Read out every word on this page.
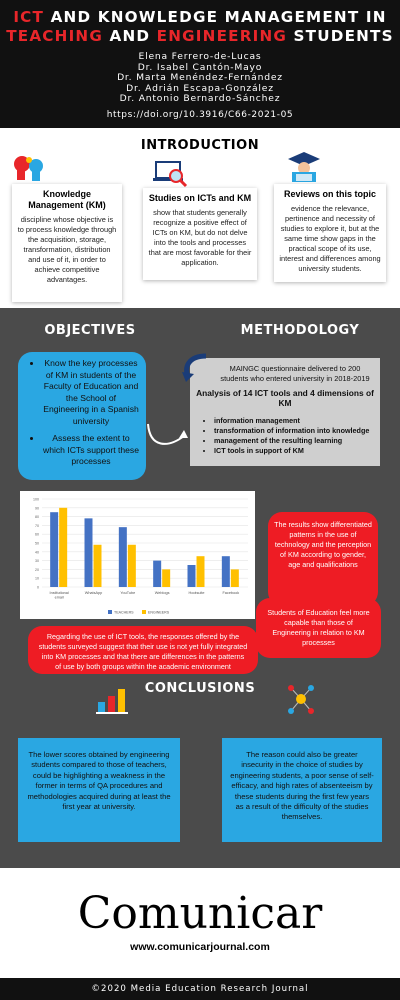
ICT AND KNOWLEDGE MANAGEMENT IN
TEACHING AND ENGINEERING STUDENTS
Elena Ferrero-de-Lucas
Dr. Isabel Cantón-Mayo
Dr. Marta Menéndez-Fernández
Dr. Adrián Escapa-González
Dr. Antonio Bernardo-Sánchez
https://doi.org/10.3916/C66-2021-05
INTRODUCTION
Knowledge Management (KM)
discipline whose objective is to process knowledge through the acquisition, storage, transformation, distribution and use of it, in order to achieve competitive advantages.
Studies on ICTs and KM
show that students generally recognize a positive effect of ICTs on KM, but do not delve into the tools and processes that are most favorable for their application.
Reviews on this topic
evidence the relevance, pertinence and necessity of studies to explore it, but at the same time show gaps in the practical scope of its use, interest and differences among university students.
OBJECTIVES	METHODOLOGY
• Know the key processes of KM in students of the Faculty of Education and the School of Engineering in a Spanish university
• Assess the extent to which ICTs support these processes
MAINGC questionnaire delivered to 200 students who entered university in 2018-2019
Analysis of 14 ICT tools and 4 dimensions of KM
• information management
• transformation of information into knowledge
• management of the resulting learning
• ICT tools in support of KM
0
10
20
30
40
50
60
70
80
90
100
Institutional
email
WhatsApp	YouTube	Weblogs	Hootsuite	Facebook
TEACHERS	ENGINEERS
The results show differentiated patterns in the use of technology and the perception of KM according to gender, age and qualifications
Students of Education feel more capable than those of Engineering in relation to KM processes
Regarding the use of ICT tools, the responses offered by the students surveyed suggest that their use is not yet fully integrated into KM processes and that there are differences in the patterns of use by both groups within the academic environment
CONCLUSIONS
The lower scores obtained by engineering students compared to those of teachers, could be highlighting a weakness in the former in terms of QA procedures and methodologies acquired during at least the first year at university.
The reason could also be greater insecurity in the choice of studies by engineering students, a poor sense of self-efficacy, and high rates of absenteeism by these students during the first few years as a result of the difficulty of the studies themselves.
Comunicar
www.comunicarjournal.com
©2020 Media Education Research Journal
